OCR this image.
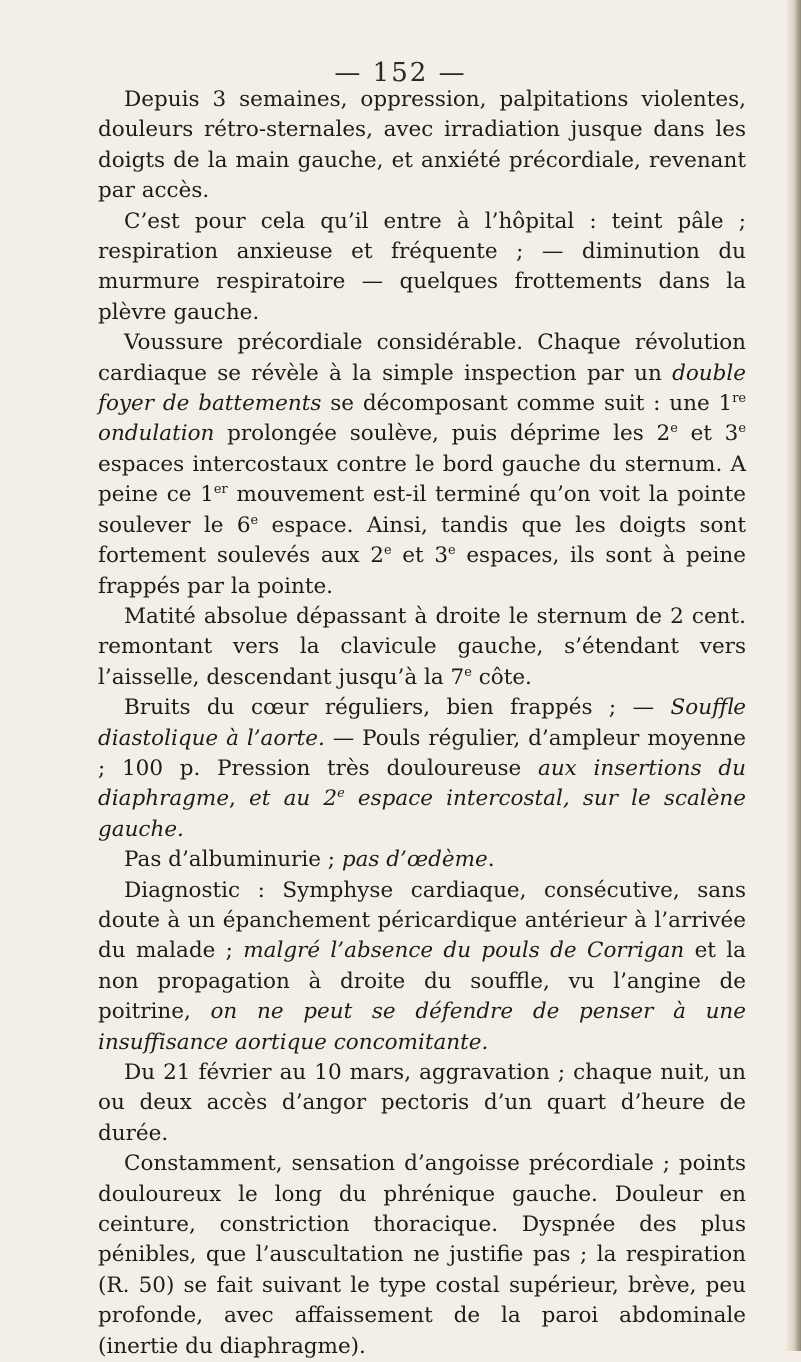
— 152 —

Depuis 3 semaines, oppression, palpitations violentes, douleurs rétro-sternales, avec irradiation jusque dans les doigts de la main gauche, et anxiété précordiale, revenant par accès.

C’est pour cela qu’il entre à l’hôpital : teint pâle ; respiration anxieuse et fréquente ; — diminution du murmure respiratoire — quelques frottements dans la plèvre gauche.

Voussure précordiale considérable. Chaque révolution cardiaque se révèle à la simple inspection par un double foyer de battements se décomposant comme suit : une 1re ondulation prolongée soulève, puis déprime les 2e et 3e espaces intercostaux contre le bord gauche du sternum. A peine ce 1er mouvement est-il terminé qu’on voit la pointe soulever le 6e espace. Ainsi, tandis que les doigts sont fortement soulevés aux 2e et 3e espaces, ils sont à peine frappés par la pointe.

Matité absolue dépassant à droite le sternum de 2 cent. remontant vers la clavicule gauche, s’étendant vers l’aisselle, descendant jusqu’à la 7e côte.

Bruits du cœur réguliers, bien frappés ; — Souffle diastolique à l’aorte. — Pouls régulier, d’ampleur moyenne ; 100 p. Pression très douloureuse aux insertions du diaphragme, et au 2e espace intercostal, sur le scalène gauche.

Pas d’albuminurie ; pas d’œdème.

Diagnostic : Symphyse cardiaque, consécutive, sans doute à un épanchement péricardique antérieur à l’arrivée du malade ; malgré l’absence du pouls de Corrigan et la non propagation à droite du souffle, vu l’angine de poitrine, on ne peut se défendre de penser à une insuffisance aortique concomitante.

Du 21 février au 10 mars, aggravation ; chaque nuit, un ou deux accès d’angor pectoris d’un quart d’heure de durée.

Constamment, sensation d’angoisse précordiale ; points douloureux le long du phrénique gauche. Douleur en ceinture, constriction thoracique. Dyspnée des plus pénibles, que l’auscultation ne justifie pas ; la respiration (R. 50) se fait suivant le type costal supérieur, brève, peu profonde, avec affaissement de la paroi abdominale (inertie du diaphragme).
